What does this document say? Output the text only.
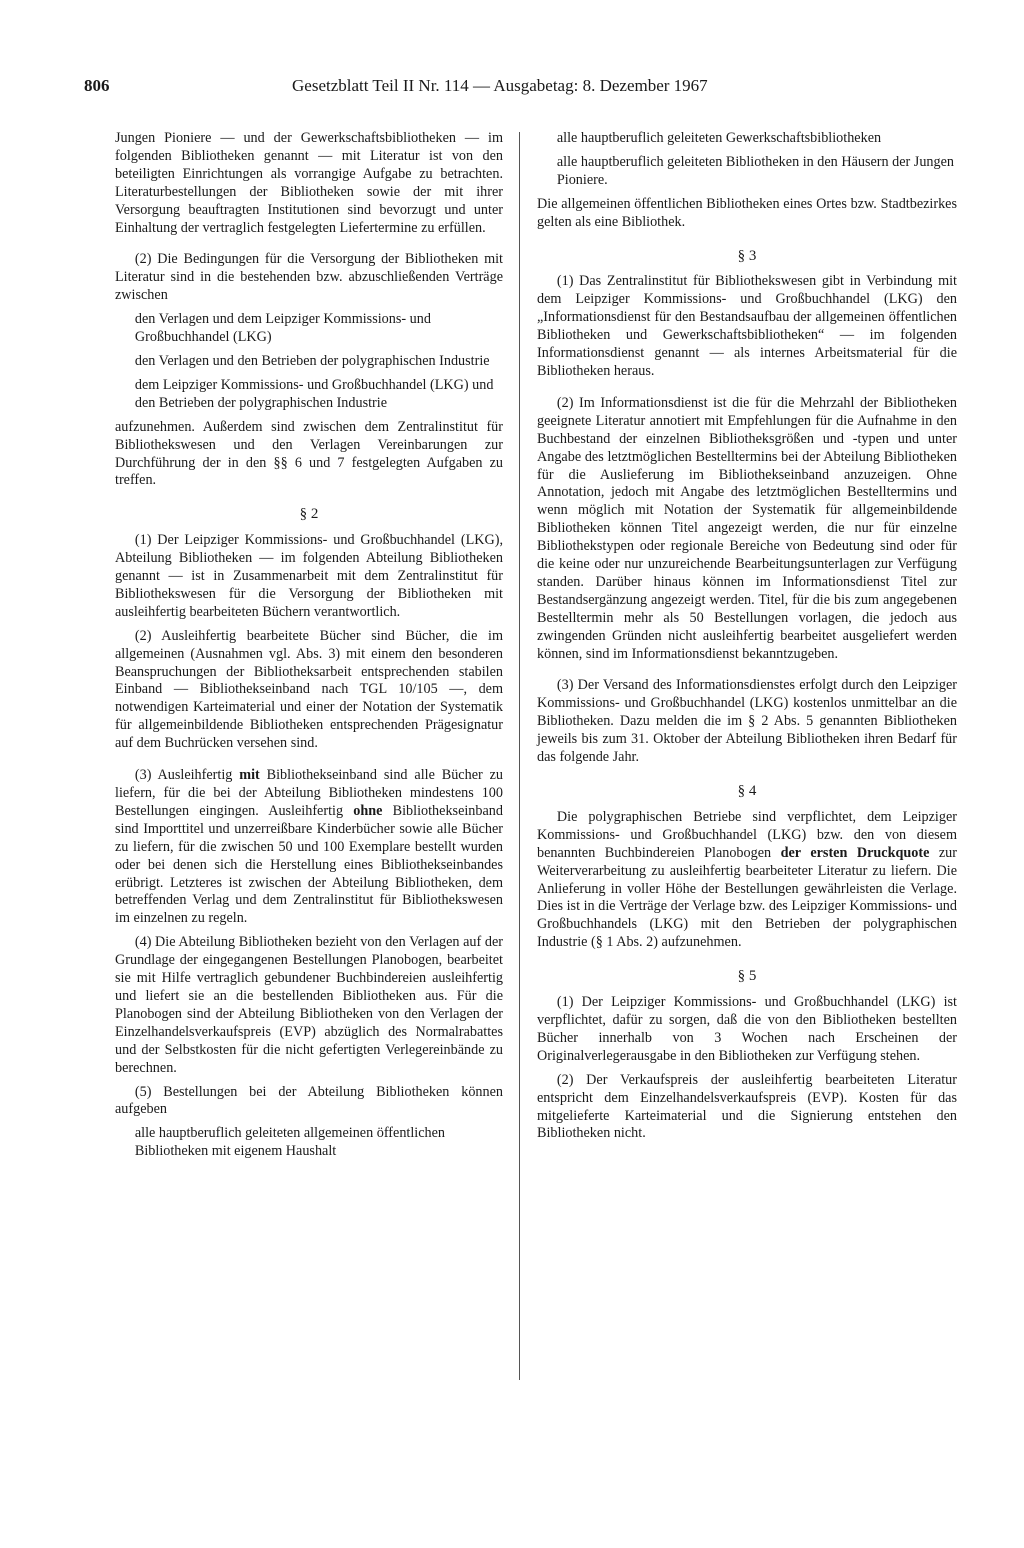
806	Gesetzblatt Teil II Nr. 114 — Ausgabetag: 8. Dezember 1967

Jungen Pioniere — und der Gewerkschaftsbibliotheken — im folgenden Bibliotheken genannt — mit Literatur ist von den beteiligten Einrichtungen als vorrangige Aufgabe zu betrachten. Literaturbestellungen der Bibliotheken sowie der mit ihrer Versorgung beauftragten Institutionen sind bevorzugt und unter Einhaltung der vertraglich festgelegten Liefertermine zu erfüllen.

(2) Die Bedingungen für die Versorgung der Bibliotheken mit Literatur sind in die bestehenden bzw. abzuschließenden Verträge zwischen

den Verlagen und dem Leipziger Kommissions- und Großbuchhandel (LKG)

den Verlagen und den Betrieben der polygraphischen Industrie

dem Leipziger Kommissions- und Großbuchhandel (LKG) und den Betrieben der polygraphischen Industrie

aufzunehmen. Außerdem sind zwischen dem Zentralinstitut für Bibliothekswesen und den Verlagen Vereinbarungen zur Durchführung der in den §§ 6 und 7 festgelegten Aufgaben zu treffen.

§ 2

(1) Der Leipziger Kommissions- und Großbuchhandel (LKG), Abteilung Bibliotheken — im folgenden Abteilung Bibliotheken genannt — ist in Zusammenarbeit mit dem Zentralinstitut für Bibliothekswesen für die Versorgung der Bibliotheken mit ausleihfertig bearbeiteten Büchern verantwortlich.

(2) Ausleihfertig bearbeitete Bücher sind Bücher, die im allgemeinen (Ausnahmen vgl. Abs. 3) mit einem den besonderen Beanspruchungen der Bibliotheksarbeit entsprechenden stabilen Einband — Bibliothekseinband nach TGL 10/105 —, dem notwendigen Karteimaterial und einer der Notation der Systematik für allgemeinbildende Bibliotheken entsprechenden Prägesignatur auf dem Buchrücken versehen sind.

(3) Ausleihfertig mit Bibliothekseinband sind alle Bücher zu liefern, für die bei der Abteilung Bibliotheken mindestens 100 Bestellungen eingingen. Ausleihfertig ohne Bibliothekseinband sind Importtitel und unzerreißbare Kinderbücher sowie alle Bücher zu liefern, für die zwischen 50 und 100 Exemplare bestellt wurden oder bei denen sich die Herstellung eines Bibliothekseinbandes erübrigt. Letzteres ist zwischen der Abteilung Bibliotheken, dem betreffenden Verlag und dem Zentralinstitut für Bibliothekswesen im einzelnen zu regeln.

(4) Die Abteilung Bibliotheken bezieht von den Verlagen auf der Grundlage der eingegangenen Bestellungen Planobogen, bearbeitet sie mit Hilfe vertraglich gebundener Buchbindereien ausleihfertig und liefert sie an die bestellenden Bibliotheken aus. Für die Planobogen sind der Abteilung Bibliotheken von den Verlagen der Einzelhandelsverkaufspreis (EVP) abzüglich des Normalrabattes und der Selbstkosten für die nicht gefertigten Verlegereinbände zu berechnen.

(5) Bestellungen bei der Abteilung Bibliotheken können aufgeben

alle hauptberuflich geleiteten allgemeinen öffentlichen Bibliotheken mit eigenem Haushalt

alle hauptberuflich geleiteten Gewerkschaftsbibliotheken

alle hauptberuflich geleiteten Bibliotheken in den Häusern der Jungen Pioniere.

Die allgemeinen öffentlichen Bibliotheken eines Ortes bzw. Stadtbezirkes gelten als eine Bibliothek.

§ 3

(1) Das Zentralinstitut für Bibliothekswesen gibt in Verbindung mit dem Leipziger Kommissions- und Großbuchhandel (LKG) den „Informationsdienst für den Bestandsaufbau der allgemeinen öffentlichen Bibliotheken und Gewerkschaftsbibliotheken“ — im folgenden Informationsdienst genannt — als internes Arbeitsmaterial für die Bibliotheken heraus.

(2) Im Informationsdienst ist die für die Mehrzahl der Bibliotheken geeignete Literatur annotiert mit Empfehlungen für die Aufnahme in den Buchbestand der einzelnen Bibliotheksgrößen und -typen und unter Angabe des letztmöglichen Bestelltermins bei der Abteilung Bibliotheken für die Auslieferung im Bibliothekseinband anzuzeigen. Ohne Annotation, jedoch mit Angabe des letztmöglichen Bestelltermins und wenn möglich mit Notation der Systematik für allgemeinbildende Bibliotheken können Titel angezeigt werden, die nur für einzelne Bibliothekstypen oder regionale Bereiche von Bedeutung sind oder für die keine oder nur unzureichende Bearbeitungsunterlagen zur Verfügung standen. Darüber hinaus können im Informationsdienst Titel zur Bestandsergänzung angezeigt werden. Titel, für die bis zum angegebenen Bestelltermin mehr als 50 Bestellungen vorlagen, die jedoch aus zwingenden Gründen nicht ausleihfertig bearbeitet ausgeliefert werden können, sind im Informationsdienst bekanntzugeben.

(3) Der Versand des Informationsdienstes erfolgt durch den Leipziger Kommissions- und Großbuchhandel (LKG) kostenlos unmittelbar an die Bibliotheken. Dazu melden die im § 2 Abs. 5 genannten Bibliotheken jeweils bis zum 31. Oktober der Abteilung Bibliotheken ihren Bedarf für das folgende Jahr.

§ 4

Die polygraphischen Betriebe sind verpflichtet, dem Leipziger Kommissions- und Großbuchhandel (LKG) bzw. den von diesem benannten Buchbindereien Planobogen der ersten Druckquote zur Weiterverarbeitung zu ausleihfertig bearbeiteter Literatur zu liefern. Die Anlieferung in voller Höhe der Bestellungen gewährleisten die Verlage. Dies ist in die Verträge der Verlage bzw. des Leipziger Kommissions- und Großbuchhandels (LKG) mit den Betrieben der polygraphischen Industrie (§ 1 Abs. 2) aufzunehmen.

§ 5

(1) Der Leipziger Kommissions- und Großbuchhandel (LKG) ist verpflichtet, dafür zu sorgen, daß die von den Bibliotheken bestellten Bücher innerhalb von 3 Wochen nach Erscheinen der Originalverlegerausgabe in den Bibliotheken zur Verfügung stehen.

(2) Der Verkaufspreis der ausleihfertig bearbeiteten Literatur entspricht dem Einzelhandelsverkaufspreis (EVP). Kosten für das mitgelieferte Karteimaterial und die Signierung entstehen den Bibliotheken nicht.
